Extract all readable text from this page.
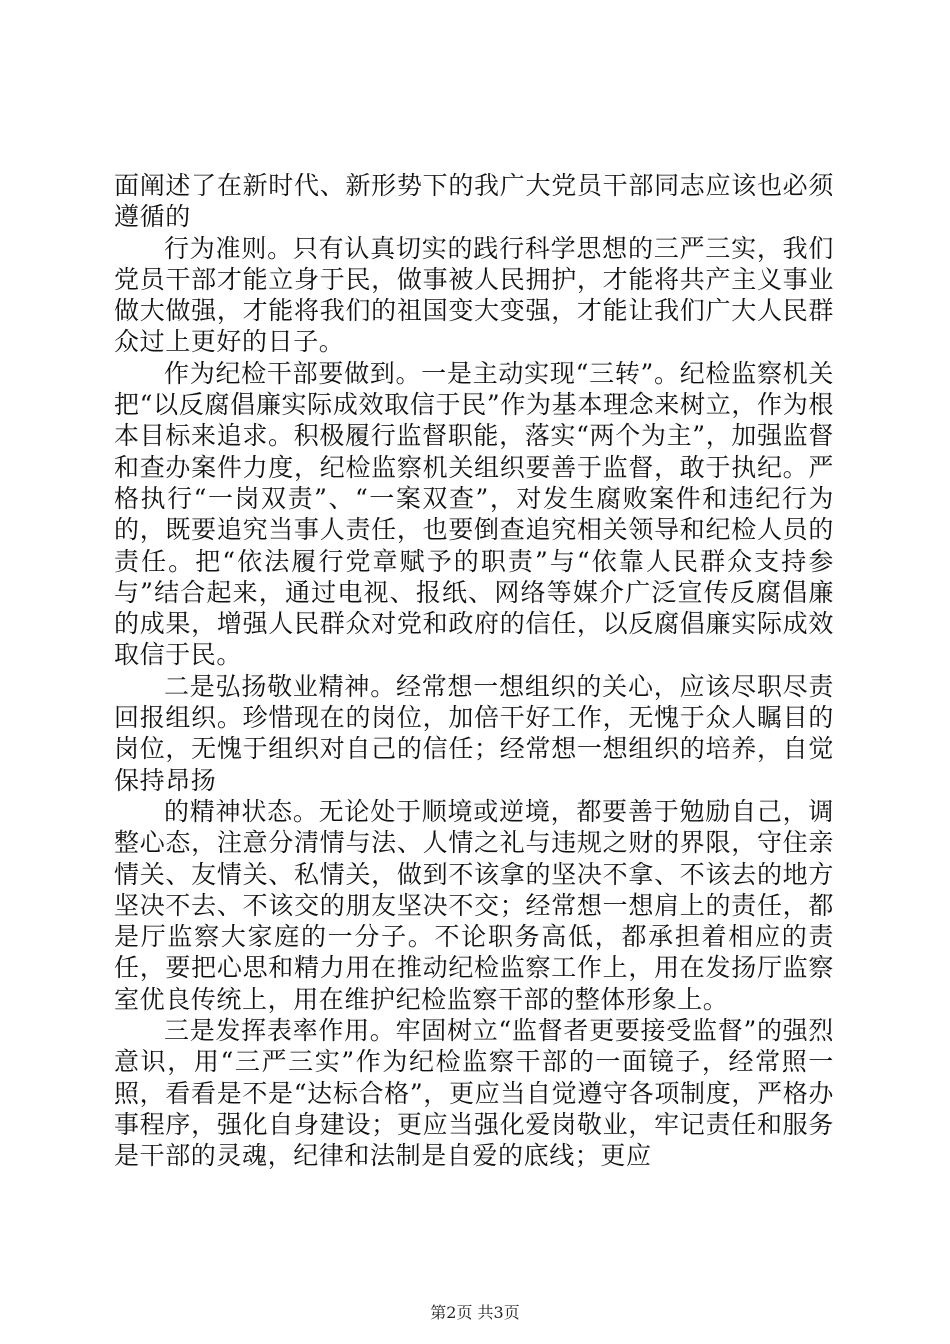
面阐述了在新时代、新形势下的我广大党员干部同志应该也必须遵循的

行为准则。只有认真切实的践行科学思想的三严三实，我们党员干部才能立身于民，做事被人民拥护，才能将共产主义事业做大做强，才能将我们的祖国变大变强，才能让我们广大人民群众过上更好的日子。

作为纪检干部要做到。一是主动实现“三转”。纪检监察机关把“以反腐倡廉实际成效取信于民”作为基本理念来树立，作为根本目标来追求。积极履行监督职能，落实“两个为主”，加强监督和查办案件力度，纪检监察机关组织要善于监督，敢于执纪。严格执行“一岗双责”、“一案双查”，对发生腐败案件和违纪行为的，既要追究当事人责任，也要倒查追究相关领导和纪检人员的责任。把“依法履行党章赋予的职责”与“依靠人民群众支持参与”结合起来，通过电视、报纸、网络等媒介广泛宣传反腐倡廉的成果，增强人民群众对党和政府的信任，以反腐倡廉实际成效取信于民。

二是弘扬敬业精神。经常想一想组织的关心，应该尽职尽责回报组织。珍惜现在的岗位，加倍干好工作，无愧于众人瞩目的岗位，无愧于组织对自己的信任；经常想一想组织的培养，自觉保持昂扬

的精神状态。无论处于顺境或逆境，都要善于勉励自己，调整心态，注意分清情与法、人情之礼与违规之财的界限，守住亲情关、友情关、私情关，做到不该拿的坚决不拿、不该去的地方坚决不去、不该交的朋友坚决不交；经常想一想肩上的责任，都是厅监察大家庭的一分子。不论职务高低，都承担着相应的责任，要把心思和精力用在推动纪检监察工作上，用在发扬厅监察室优良传统上，用在维护纪检监察干部的整体形象上。

三是发挥表率作用。牢固树立“监督者更要接受监督”的强烈意识，用“三严三实”作为纪检监察干部的一面镜子，经常照一照，看看是不是“达标合格”，更应当自觉遵守各项制度，严格办事程序，强化自身建设；更应当强化爱岗敬业，牢记责任和服务是干部的灵魂，纪律和法制是自爱的底线；更应

第2页 共3页
